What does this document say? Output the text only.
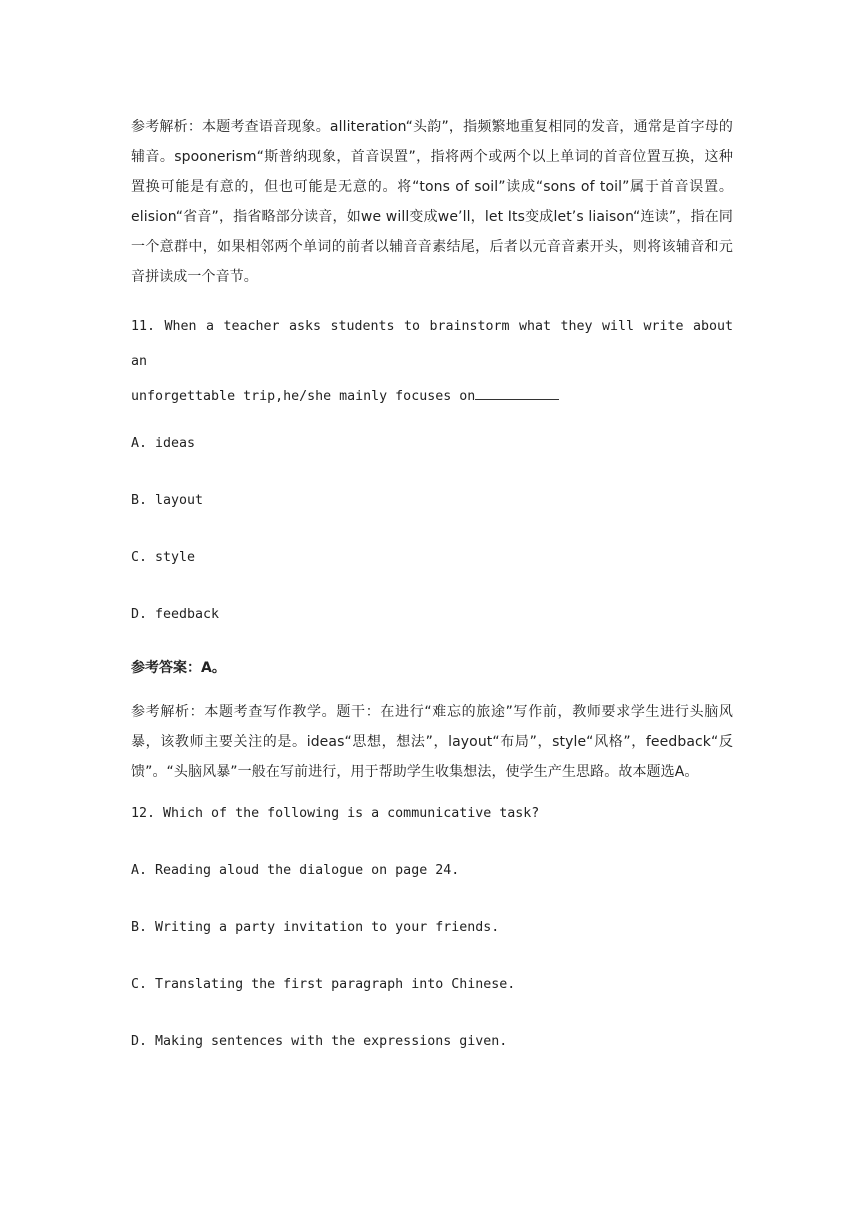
参考解析：本题考查语音现象。alliteration“头韵”，指频繁地重复相同的发音，通常是首字母的辅音。spoonerism“斯普纳现象，首音误置”，指将两个或两个以上单词的首音位置互换，这种置换可能是有意的，但也可能是无意的。将“tons of soil”读成“sons of toil”属于首音误置。elision“省音”，指省略部分读音，如we will变成we’ll，let Its变成let’s liaison“连读”，指在同一个意群中，如果相邻两个单词的前者以辅音音素结尾，后者以元音音素开头，则将该辅音和元音拼读成一个音节。

11. When a teacher asks students to brainstorm what they will write about an
unforgettable trip,he/she mainly focuses on

A. ideas

B. layout

C. style

D. feedback

参考答案：A。

参考解析：本题考查写作教学。题干：在进行“难忘的旅途”写作前，教师要求学生进行头脑风暴，该教师主要关注的是。ideas“思想，想法”，layout“布局”，style“风格”，feedback“反馈”。“头脑风暴”一般在写前进行，用于帮助学生收集想法，使学生产生思路。故本题选A。

12. Which of the following is a communicative task?

A. Reading aloud the dialogue on page 24.

B. Writing a party invitation to your friends.

C. Translating the first paragraph into Chinese.

D. Making sentences with the expressions given.
